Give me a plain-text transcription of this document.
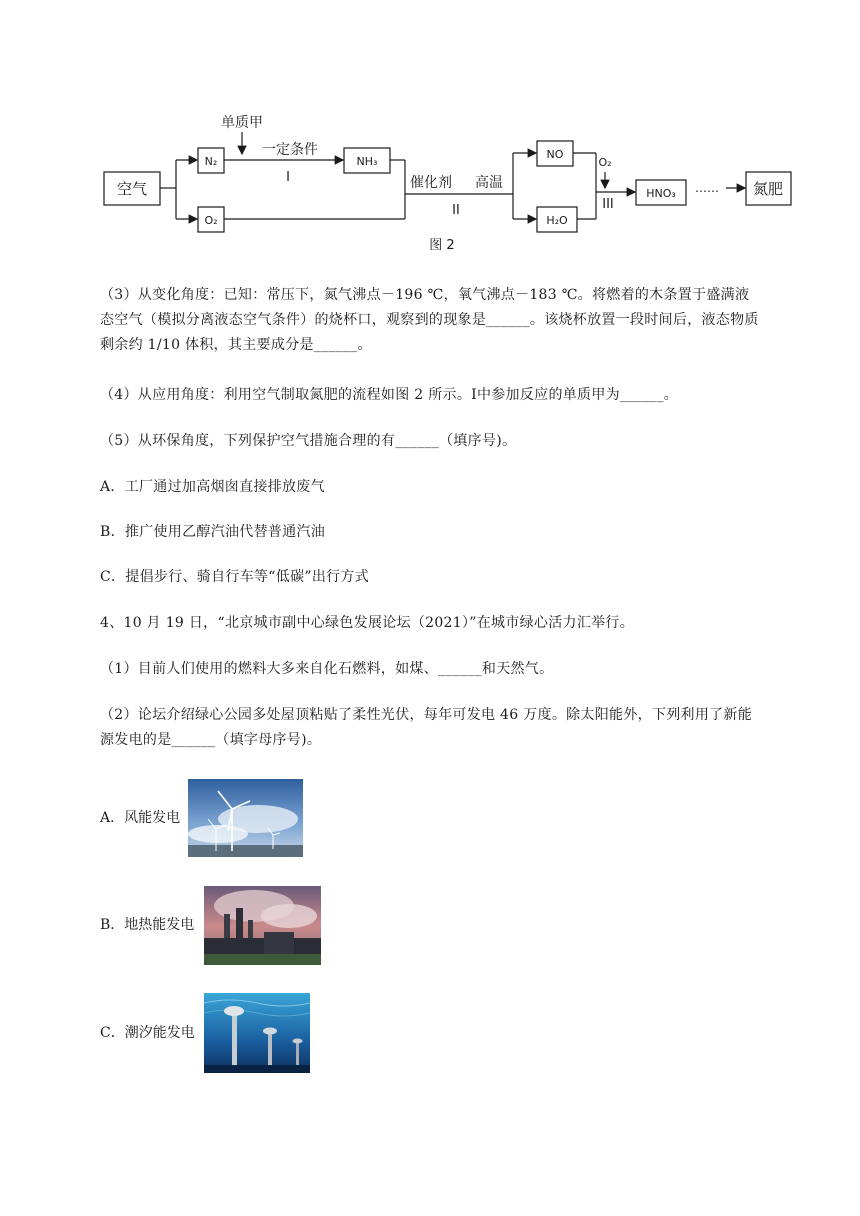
空气
N₂
O₂
NH₃
NO
H₂O
HNO₃	氮肥
单质甲
一定条件
I	催化剂 高温
II
O₂
III
……
图 2
（3）从变化角度：已知：常压下，氮气沸点－196 ℃，氧气沸点－183 ℃。将燃着的木条置于盛满液态空气（模拟分离液态空气条件）的烧杯口，观察到的现象是______。该烧杯放置一段时间后，液态物质剩余约 1/10 体积，其主要成分是______。
（4）从应用角度：利用空气制取氮肥的流程如图 2 所示。Ⅰ中参加反应的单质甲为______。
（5）从环保角度，下列保护空气措施合理的有______（填序号)。
A．工厂通过加高烟囱直接排放废气
B．推广使用乙醇汽油代替普通汽油
C．提倡步行、骑自行车等“低碳”出行方式
4、10 月 19 日，“北京城市副中心绿色发展论坛（2021）”在城市绿心活力汇举行。
（1）目前人们使用的燃料大多来自化石燃料，如煤、______和天然气。
（2）论坛介绍绿心公园多处屋顶粘贴了柔性光伏，每年可发电 46 万度。除太阳能外，下列利用了新能源发电的是______（填字母序号)。
A．风能发电
B．地热能发电
C．潮汐能发电
